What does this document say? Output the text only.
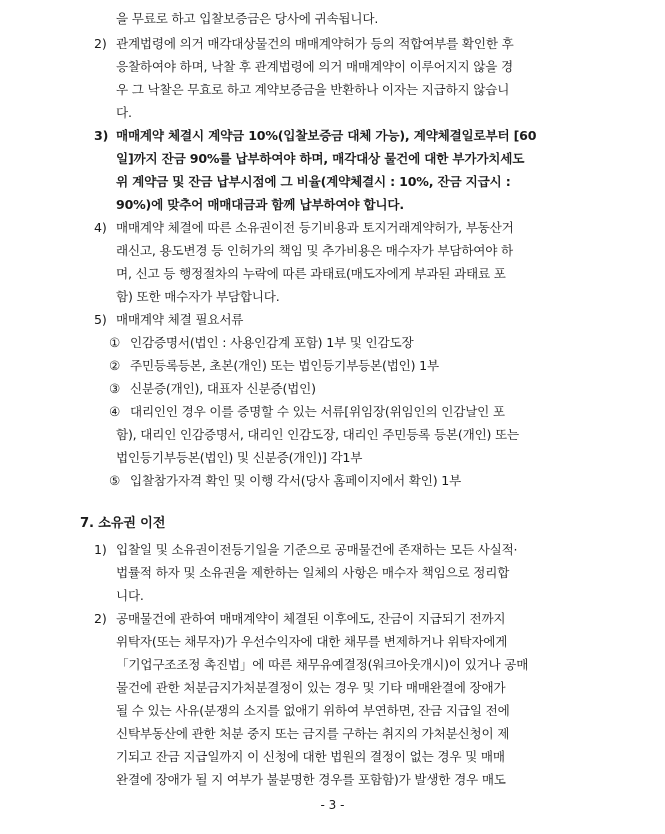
을 무료로 하고 입찰보증금은 당사에 귀속됩니다.

2) 관계법령에 의거 매각대상물건의 매매계약허가 등의 적합여부를 확인한 후

응찰하여야 하며, 낙찰 후 관계법령에 의거 매매계약이 이루어지지 않을 경

우 그 낙찰은 무효로 하고 계약보증금을 반환하나 이자는 지급하지 않습니

다.

3) 매매계약 체결시 계약금 10%(입찰보증금 대체 가능), 계약체결일로부터 [60

일]까지 잔금 90%를 납부하여야 하며, 매각대상 물건에 대한 부가가치세도

위 계약금 및 잔금 납부시점에 그 비율(계약체결시 : 10%, 잔금 지급시 :

90%)에 맞추어 매매대금과 함께 납부하여야 합니다.

4) 매매계약 체결에 따른 소유권이전 등기비용과 토지거래계약허가, 부동산거

래신고, 용도변경 등 인허가의 책임 및 추가비용은 매수자가 부담하여야 하

며, 신고 등 행정절차의 누락에 따른 과태료(매도자에게 부과된 과태료 포

함) 또한 매수자가 부담합니다.

5) 매매계약 체결 필요서류

① 인감증명서(법인 : 사용인감계 포함) 1부 및 인감도장

② 주민등록등본, 초본(개인) 또는 법인등기부등본(법인) 1부

③ 신분증(개인), 대표자 신분증(법인)

④ 대리인인 경우 이를 증명할 수 있는 서류[위임장(위임인의 인감날인 포

함), 대리인 인감증명서, 대리인 인감도장, 대리인 주민등록 등본(개인) 또는

법인등기부등본(법인) 및 신분증(개인)] 각1부

⑤ 입찰참가자격 확인 및 이행 각서(당사 홈페이지에서 확인) 1부

7. 소유권 이전

1) 입찰일 및 소유권이전등기일을 기준으로 공매물건에 존재하는 모든 사실적·

법률적 하자 및 소유권을 제한하는 일체의 사항은 매수자 책임으로 정리합

니다.

2) 공매물건에 관하여 매매계약이 체결된 이후에도, 잔금이 지급되기 전까지

위탁자(또는 채무자)가 우선수익자에 대한 채무를 변제하거나 위탁자에게

「기업구조조정 촉진법」에 따른 채무유예결정(워크아웃개시)이 있거나 공매

물건에 관한 처분금지가처분결정이 있는 경우 및 기타 매매완결에 장애가

될 수 있는 사유(분쟁의 소지를 없애기 위하여 부연하면, 잔금 지급일 전에

신탁부동산에 관한 처분 중지 또는 금지를 구하는 취지의 가처분신청이 제

기되고 잔금 지급일까지 이 신청에 대한 법원의 결정이 없는 경우 및 매매

완결에 장애가 될 지 여부가 불분명한 경우를 포함함)가 발생한 경우 매도

- 3 -
